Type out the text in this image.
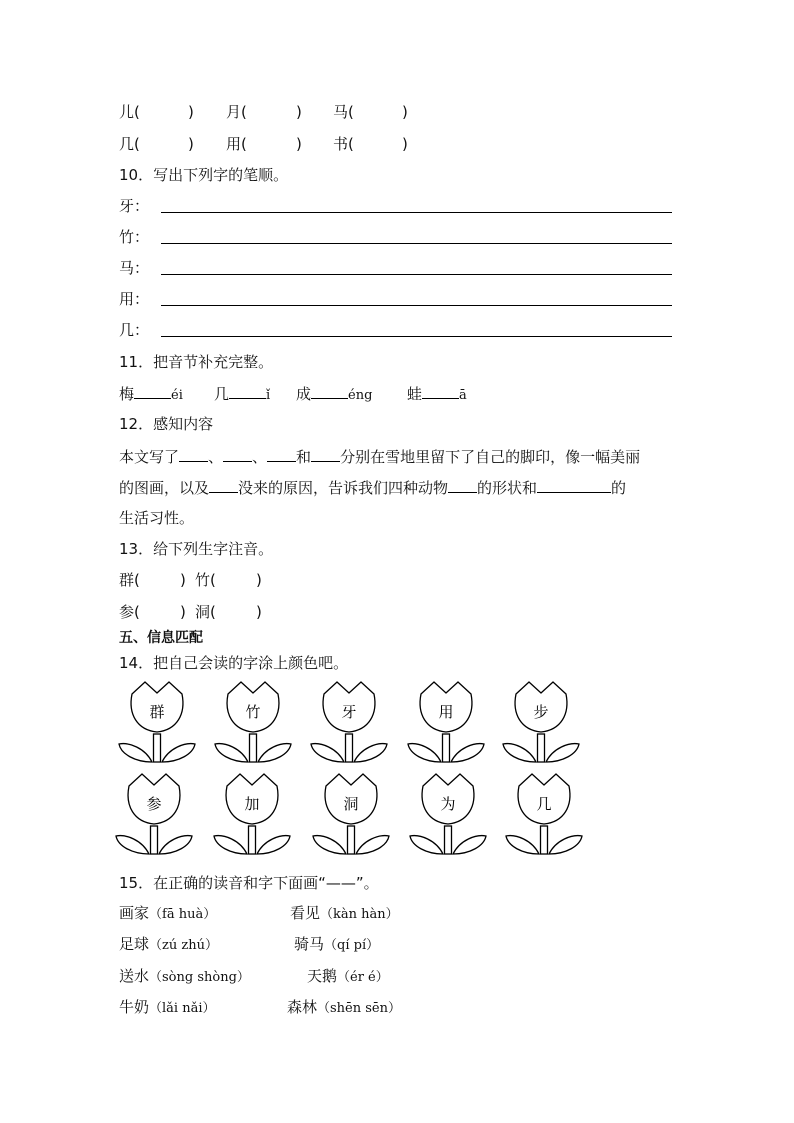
儿(	) 月(	) 马(	)
几(	) 用(	) 书(	)
10．写出下列字的笔顺。
牙：
竹：
马：
用：
几：
11．把音节补充完整。
梅	éi 几	ǐ 成	éng 蛙	ā
12．感知内容
本文写了 、 、 和 分别在雪地里留下了自己的脚印，像一幅美丽
的图画，以及 没来的原因，告诉我们四种动物 的形状和	的
生活习性。
13．给下列生字注音。
群(	) 竹(	)
参(	) 洞(	)
五、信息匹配
14．把自己会读的字涂上颜色吧。
群	竹	牙	用	步
参	加	洞	为	几
15．在正确的读音和字下面画“——”。
画家（fā huà）	看见（kàn hàn）
足球（zú zhú）	骑马（qí pí）
送水（sòng shòng）	天鹅（ér é）
牛奶（lǎi nǎi）	森林（shēn sēn）
